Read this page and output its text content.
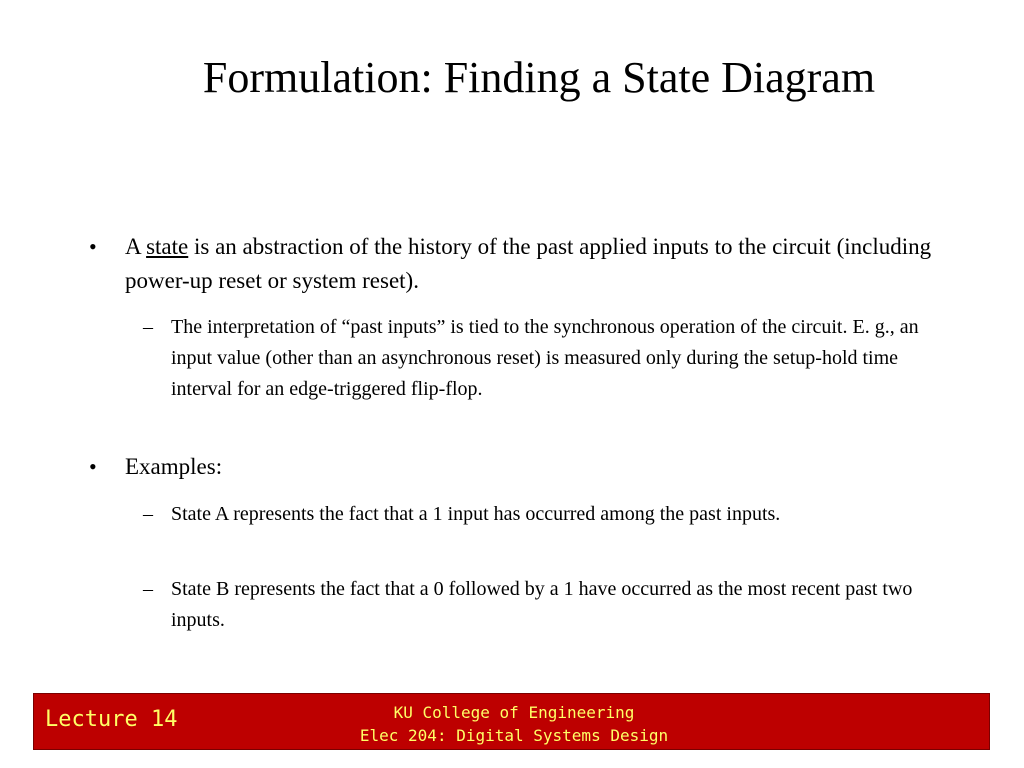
Formulation: Finding a State Diagram
• A state is an abstraction of the history of the past applied inputs to the circuit (including  power-up reset or system reset).
– The interpretation of “past inputs” is tied to the synchronous operation of the circuit. E. g., an input value (other than an asynchronous reset) is measured only during the setup-hold time interval for an edge-triggered flip-flop.
• Examples:
– State A represents the fact that a 1 input has occurred among the past inputs.
– State B represents the fact that a 0 followed by a 1 have occurred as the most recent past two inputs.
Lecture 14	KU College of Engineering
Elec 204: Digital Systems Design
